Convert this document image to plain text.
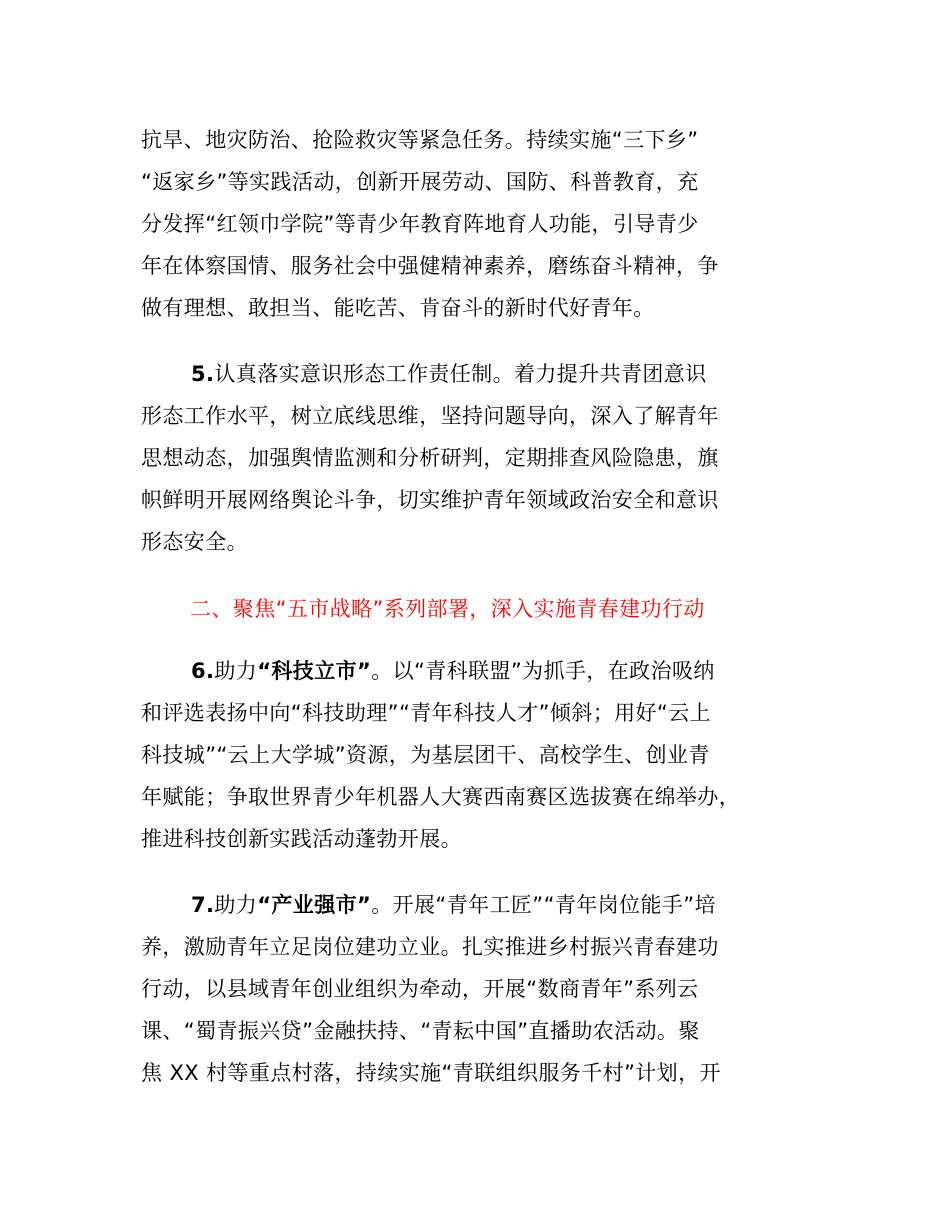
抗旱、地灾防治、抢险救灾等紧急任务。持续实施“三下乡”
“返家乡”等实践活动，创新开展劳动、国防、科普教育，充
分发挥“红领巾学院”等青少年教育阵地育人功能，引导青少
年在体察国情、服务社会中强健精神素养，磨练奋斗精神，争
做有理想、敢担当、能吃苦、肯奋斗的新时代好青年。
5.认真落实意识形态工作责任制。着力提升共青团意识
形态工作水平，树立底线思维，坚持问题导向，深入了解青年
思想动态，加强舆情监测和分析研判，定期排查风险隐患，旗
帜鲜明开展网络舆论斗争，切实维护青年领域政治安全和意识
形态安全。
二、聚焦“五市战略”系列部署，深入实施青春建功行动
6.助力“科技立市”。以“青科联盟”为抓手，在政治吸纳
和评选表扬中向“科技助理”“青年科技人才”倾斜；用好“云上
科技城”“云上大学城”资源，为基层团干、高校学生、创业青
年赋能；争取世界青少年机器人大赛西南赛区选拔赛在绵举办，
推进科技创新实践活动蓬勃开展。
7.助力“产业强市”。开展“青年工匠”“青年岗位能手”培
养，激励青年立足岗位建功立业。扎实推进乡村振兴青春建功
行动，以县域青年创业组织为牵动，开展“数商青年”系列云
课、“蜀青振兴贷”金融扶持、“青耘中国”直播助农活动。聚
焦 XX 村等重点村落，持续实施“青联组织服务千村”计划，开
